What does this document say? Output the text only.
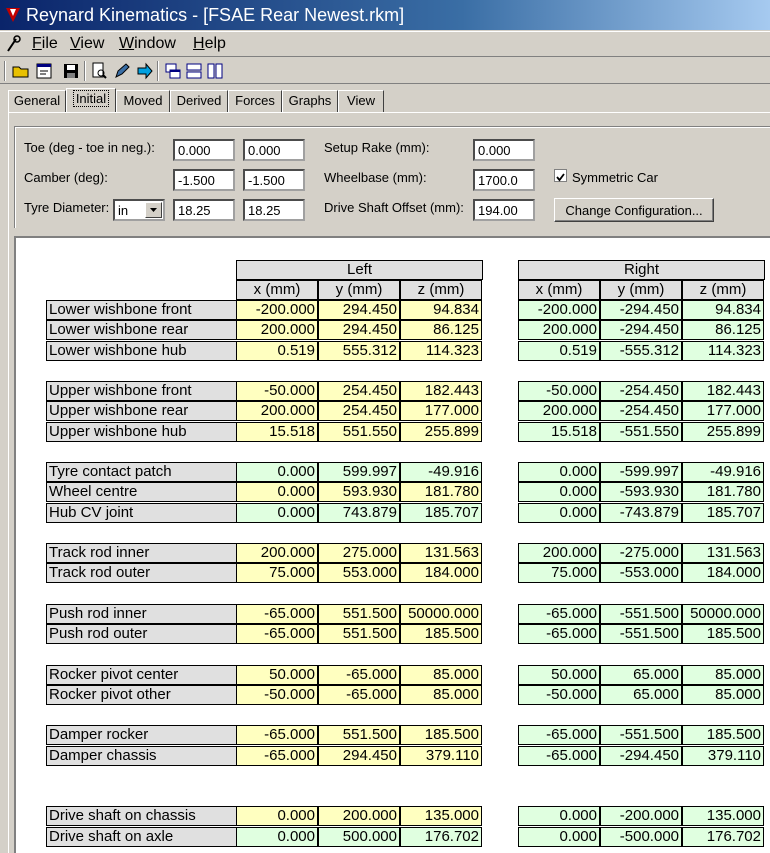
Reynard Kinematics - [FSAE Rear Newest.rkm]
File View Window Help
General	Initial	Moved	Derived	Forces	Graphs	View
Toe (deg - toe in neg.):
0.000
0.000
Camber (deg):
-1.500
-1.500
Tyre Diameter: in
18.25
18.25
Setup Rake (mm):
0.000
Wheelbase (mm):
1700.0
Drive Shaft Offset (mm):
194.00
Symmetric Car
Change Configuration...
Left	Right
x (mm)	x (mm)
y (mm)	y (mm)
z (mm)	z (mm)
Lower wishbone front	-200.000	294.450	94.834	-200.000	-294.450	94.834
Lower wishbone rear	200.000	294.450	86.125	200.000	-294.450	86.125
Lower wishbone hub	0.519	555.312	114.323	0.519	-555.312	114.323
Upper wishbone front	-50.000	254.450	182.443	-50.000	-254.450	182.443
Upper wishbone rear	200.000	254.450	177.000	200.000	-254.450	177.000
Upper wishbone hub	15.518	551.550	255.899	15.518	-551.550	255.899
Tyre contact patch	0.000	599.997	-49.916	0.000	-599.997	-49.916
Wheel centre	0.000	593.930	181.780	0.000	-593.930	181.780
Hub CV joint	0.000	743.879	185.707	0.000	-743.879	185.707
Track rod inner	200.000	275.000	131.563	200.000	-275.000	131.563
Track rod outer	75.000	553.000	184.000	75.000	-553.000	184.000
Push rod inner	-65.000	551.500 50000.000	-65.000	-551.500 50000.000
Push rod outer	-65.000	551.500	185.500	-65.000	-551.500	185.500
Rocker pivot center	50.000	-65.000	85.000	50.000	65.000	85.000
Rocker pivot other	-50.000	-65.000	85.000	-50.000	65.000	85.000
Damper rocker	-65.000	551.500	185.500	-65.000	-551.500	185.500
Damper chassis	-65.000	294.450	379.110	-65.000	-294.450	379.110
Drive shaft on chassis	0.000	200.000	135.000	0.000	-200.000	135.000
Drive shaft on axle	0.000	500.000	176.702	0.000	-500.000	176.702
